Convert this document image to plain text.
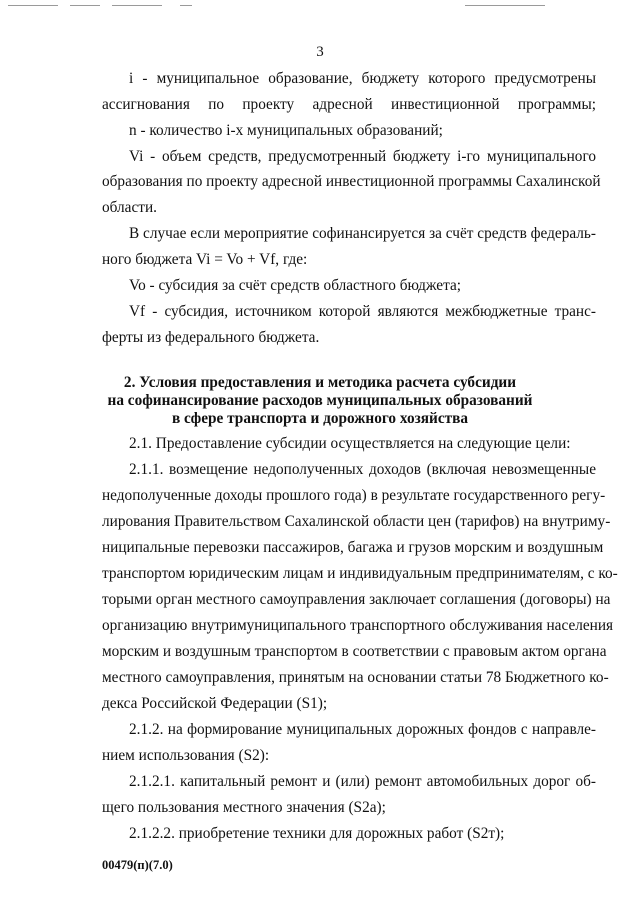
3
i - муниципальное образование, бюджету которого предусмотрены
ассигнования по проекту адресной инвестиционной программы;
n - количество i-х муниципальных образований;
Vi - объем средств, предусмотренный бюджету i-го муниципального
образования по проекту адресной инвестиционной программы Сахалинской
области.
В случае если мероприятие софинансируется за счёт средств федераль-
ного бюджета Vi = Vo + Vf, где:
Vo - субсидия за счёт средств областного бюджета;
Vf - субсидия, источником которой являются межбюджетные транс-
ферты из федерального бюджета.
2. Условия предоставления и методика расчета субсидии
на софинансирование расходов муниципальных образований
в сфере транспорта и дорожного хозяйства
2.1. Предоставление субсидии осуществляется на следующие цели:
2.1.1. возмещение недополученных доходов (включая невозмещенные
недополученные доходы прошлого года) в результате государственного регу-
лирования Правительством Сахалинской области цен (тарифов) на внутриму-
ниципальные перевозки пассажиров, багажа и грузов морским и воздушным
транспортом юридическим лицам и индивидуальным предпринимателям, с ко-
торыми орган местного самоуправления заключает соглашения (договоры) на
организацию внутримуниципального транспортного обслуживания населения
морским и воздушным транспортом в соответствии с правовым актом органа
местного самоуправления, принятым на основании статьи 78 Бюджетного ко-
декса Российской Федерации (S1);
2.1.2. на формирование муниципальных дорожных фондов с направле-
нием использования (S2):
2.1.2.1. капитальный ремонт и (или) ремонт автомобильных дорог об-
щего пользования местного значения (S2a);
2.1.2.2. приобретение техники для дорожных работ (S2т);
00479(п)(7.0)
